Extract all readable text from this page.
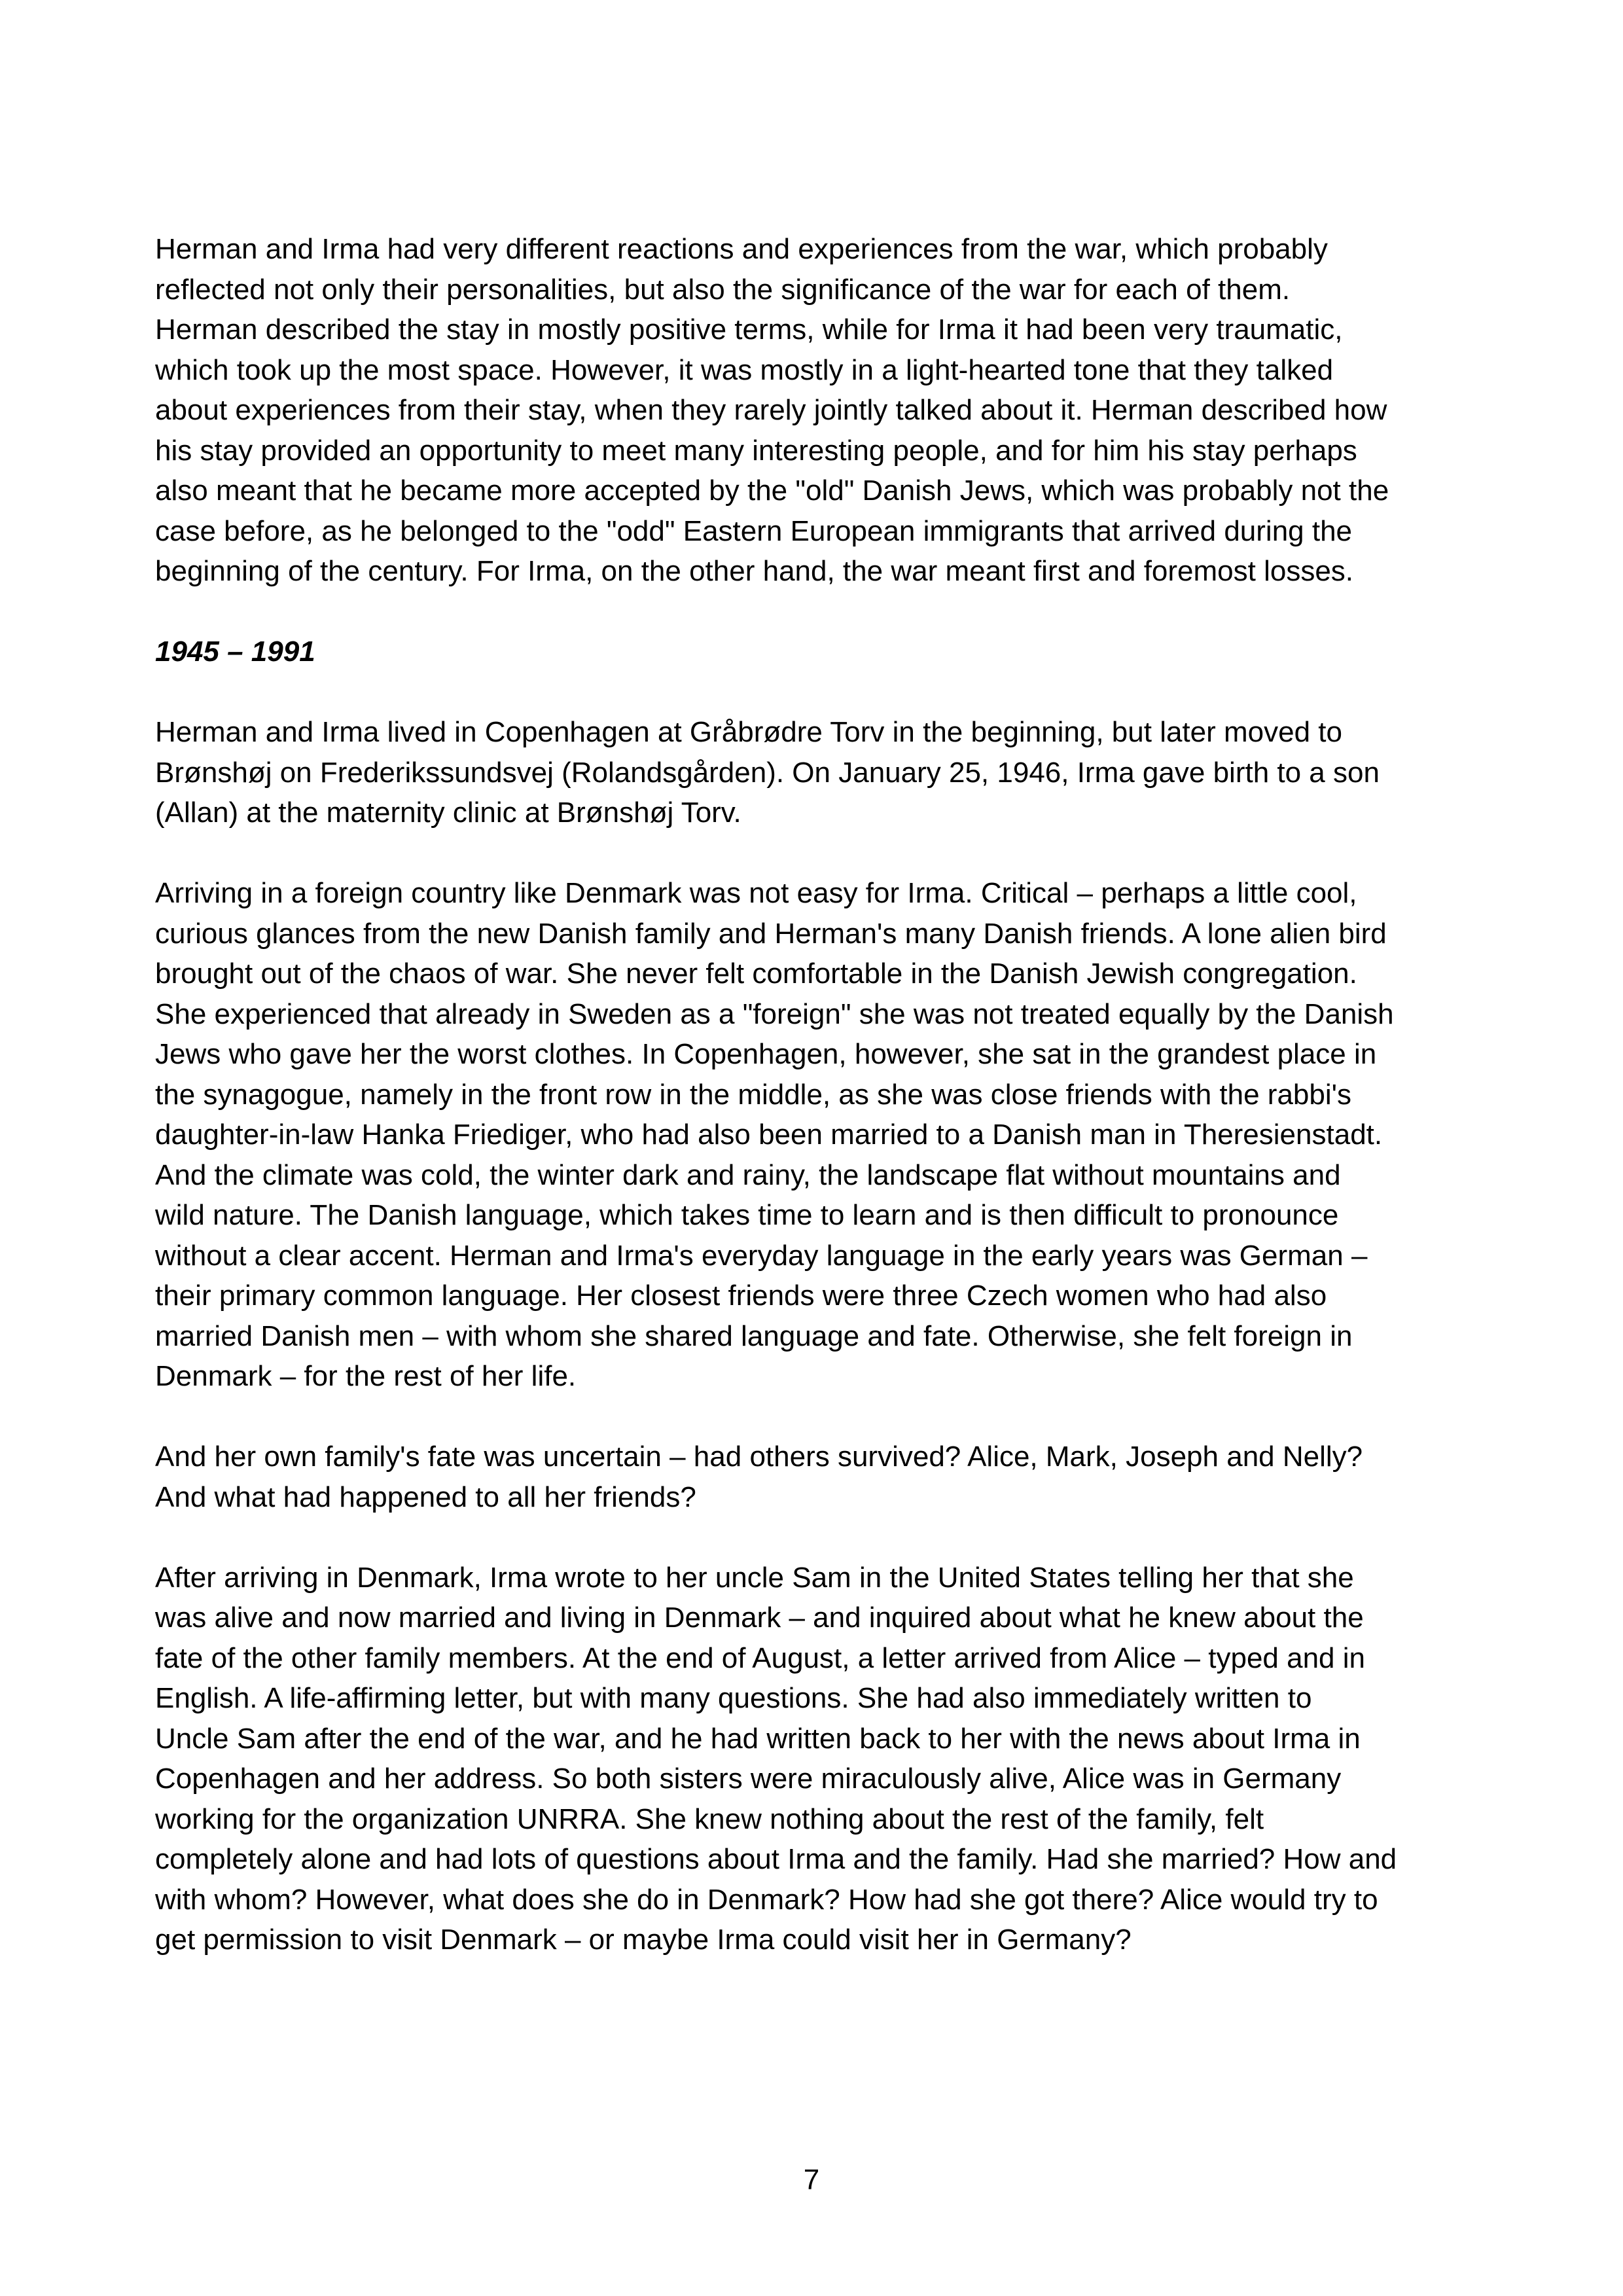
Herman and Irma had very different reactions and experiences from the war, which probably
reflected not only their personalities, but also the significance of the war for each of them.
Herman described the stay in mostly positive terms, while for Irma it had been very traumatic,
which took up the most space. However, it was mostly in a light-hearted tone that they talked
about experiences from their stay, when they rarely jointly talked about it. Herman described how
his stay provided an opportunity to meet many interesting people, and for him his stay perhaps
also meant that he became more accepted by the "old" Danish Jews, which was probably not the
case before, as he belonged to the "odd" Eastern European immigrants that arrived during the
beginning of the century. For Irma, on the other hand, the war meant first and foremost losses.

1945 – 1991

Herman and Irma lived in Copenhagen at Gråbrødre Torv in the beginning, but later moved to
Brønshøj on Frederikssundsvej (Rolandsgården). On January 25, 1946, Irma gave birth to a son
(Allan) at the maternity clinic at Brønshøj Torv.

Arriving in a foreign country like Denmark was not easy for Irma. Critical – perhaps a little cool,
curious glances from the new Danish family and Herman's many Danish friends. A lone alien bird
brought out of the chaos of war. She never felt comfortable in the Danish Jewish congregation.
She experienced that already in Sweden as a "foreign" she was not treated equally by the Danish
Jews who gave her the worst clothes. In Copenhagen, however, she sat in the grandest place in
the synagogue, namely in the front row in the middle, as she was close friends with the rabbi's
daughter-in-law Hanka Friediger, who had also been married to a Danish man in Theresienstadt.
And the climate was cold, the winter dark and rainy, the landscape flat without mountains and
wild nature. The Danish language, which takes time to learn and is then difficult to pronounce
without a clear accent. Herman and Irma's everyday language in the early years was German –
their primary common language. Her closest friends were three Czech women who had also
married Danish men – with whom she shared language and fate. Otherwise, she felt foreign in
Denmark – for the rest of her life.

And her own family's fate was uncertain – had others survived? Alice, Mark, Joseph and Nelly?
And what had happened to all her friends?

After arriving in Denmark, Irma wrote to her uncle Sam in the United States telling her that she
was alive and now married and living in Denmark – and inquired about what he knew about the
fate of the other family members. At the end of August, a letter arrived from Alice – typed and in
English. A life-affirming letter, but with many questions. She had also immediately written to
Uncle Sam after the end of the war, and he had written back to her with the news about Irma in
Copenhagen and her address. So both sisters were miraculously alive, Alice was in Germany
working for the organization UNRRA. She knew nothing about the rest of the family, felt
completely alone and had lots of questions about Irma and the family. Had she married? How and
with whom? However, what does she do in Denmark? How had she got there? Alice would try to
get permission to visit Denmark – or maybe Irma could visit her in Germany?

7
